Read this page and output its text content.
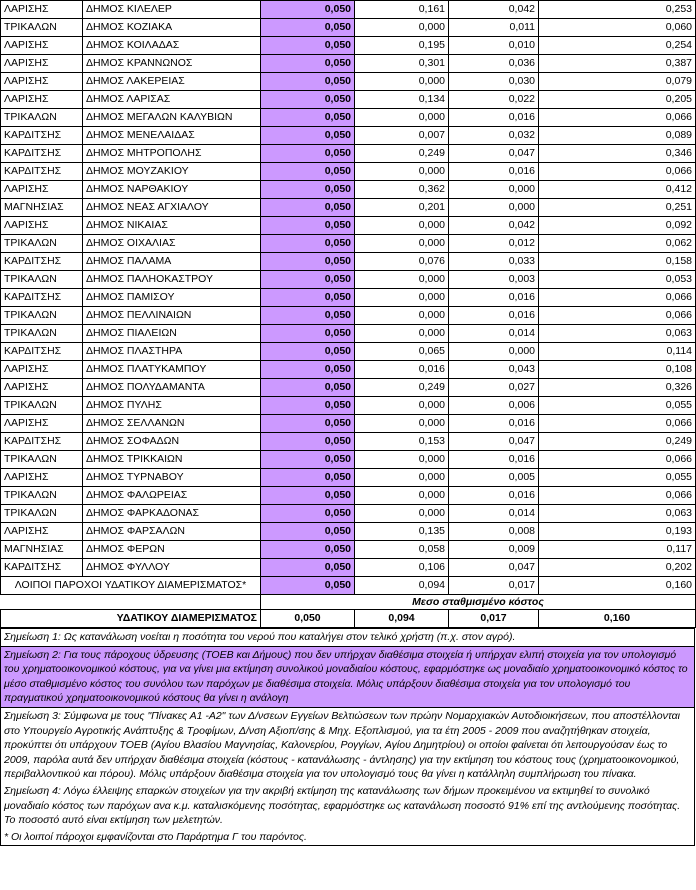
ΛΑΡΙΣΗΣ	ΔΗΜΟΣ ΚΙΛΕΛΕΡ	0,050	0,161	0,042	0,253
ΤΡΙΚΑΛΩΝ	ΔΗΜΟΣ ΚΟΖΙΑΚΑ	0,050	0,000	0,011	0,060
ΛΑΡΙΣΗΣ	ΔΗΜΟΣ ΚΟΙΛΑΔΑΣ	0,050	0,195	0,010	0,254
ΛΑΡΙΣΗΣ	ΔΗΜΟΣ ΚΡΑΝΝΩΝΟΣ	0,050	0,301	0,036	0,387
ΛΑΡΙΣΗΣ	ΔΗΜΟΣ ΛΑΚΕΡΕΙΑΣ	0,050	0,000	0,030	0,079
ΛΑΡΙΣΗΣ	ΔΗΜΟΣ ΛΑΡΙΣΑΣ	0,050	0,134	0,022	0,205
ΤΡΙΚΑΛΩΝ	ΔΗΜΟΣ ΜΕΓΑΛΩΝ ΚΑΛΥΒΙΩΝ	0,050	0,000	0,016	0,066
ΚΑΡΔΙΤΣΗΣ	ΔΗΜΟΣ ΜΕΝΕΛΑΙΔΑΣ	0,050	0,007	0,032	0,089
ΚΑΡΔΙΤΣΗΣ	ΔΗΜΟΣ ΜΗΤΡΟΠΟΛΗΣ	0,050	0,249	0,047	0,346
ΚΑΡΔΙΤΣΗΣ	ΔΗΜΟΣ ΜΟΥΖΑΚΙΟΥ	0,050	0,000	0,016	0,066
ΛΑΡΙΣΗΣ	ΔΗΜΟΣ ΝΑΡΘΑΚΙΟΥ	0,050	0,362	0,000	0,412
ΜΑΓΝΗΣΙΑΣ	ΔΗΜΟΣ ΝΕΑΣ ΑΓΧΙΑΛΟΥ	0,050	0,201	0,000	0,251
ΛΑΡΙΣΗΣ	ΔΗΜΟΣ ΝΙΚΑΙΑΣ	0,050	0,000	0,042	0,092
ΤΡΙΚΑΛΩΝ	ΔΗΜΟΣ ΟΙΧΑΛΙΑΣ	0,050	0,000	0,012	0,062
ΚΑΡΔΙΤΣΗΣ	ΔΗΜΟΣ ΠΑΛΑΜΑ	0,050	0,076	0,033	0,158
ΤΡΙΚΑΛΩΝ	ΔΗΜΟΣ ΠΑΛΗΟΚΑΣΤΡΟΥ	0,050	0,000	0,003	0,053
ΚΑΡΔΙΤΣΗΣ	ΔΗΜΟΣ ΠΑΜΙΣΟΥ	0,050	0,000	0,016	0,066
ΤΡΙΚΑΛΩΝ	ΔΗΜΟΣ ΠΕΛΛΙΝΑΙΩΝ	0,050	0,000	0,016	0,066
ΤΡΙΚΑΛΩΝ	ΔΗΜΟΣ ΠΙΑΛΕΙΩΝ	0,050	0,000	0,014	0,063
ΚΑΡΔΙΤΣΗΣ	ΔΗΜΟΣ ΠΛΑΣΤΗΡΑ	0,050	0,065	0,000	0,114
ΛΑΡΙΣΗΣ	ΔΗΜΟΣ ΠΛΑΤΥΚΑΜΠΟΥ	0,050	0,016	0,043	0,108
ΛΑΡΙΣΗΣ	ΔΗΜΟΣ ΠΟΛΥΔΑΜΑΝΤΑ	0,050	0,249	0,027	0,326
ΤΡΙΚΑΛΩΝ	ΔΗΜΟΣ ΠΥΛΗΣ	0,050	0,000	0,006	0,055
ΛΑΡΙΣΗΣ	ΔΗΜΟΣ ΣΕΛΛΑΝΩΝ	0,050	0,000	0,016	0,066
ΚΑΡΔΙΤΣΗΣ	ΔΗΜΟΣ ΣΟΦΑΔΩΝ	0,050	0,153	0,047	0,249
ΤΡΙΚΑΛΩΝ	ΔΗΜΟΣ ΤΡΙΚΚΑΙΩΝ	0,050	0,000	0,016	0,066
ΛΑΡΙΣΗΣ	ΔΗΜΟΣ ΤΥΡΝΑΒΟΥ	0,050	0,000	0,005	0,055
ΤΡΙΚΑΛΩΝ	ΔΗΜΟΣ ΦΑΛΩΡΕΙΑΣ	0,050	0,000	0,016	0,066
ΤΡΙΚΑΛΩΝ	ΔΗΜΟΣ ΦΑΡΚΑΔΟΝΑΣ	0,050	0,000	0,014	0,063
ΛΑΡΙΣΗΣ	ΔΗΜΟΣ ΦΑΡΣΑΛΩΝ	0,050	0,135	0,008	0,193
ΜΑΓΝΗΣΙΑΣ	ΔΗΜΟΣ ΦΕΡΩΝ	0,050	0,058	0,009	0,117
ΚΑΡΔΙΤΣΗΣ	ΔΗΜΟΣ ΦΥΛΛΟΥ	0,050	0,106	0,047	0,202
ΛΟΙΠΟΙ ΠΑΡΟΧΟΙ ΥΔΑΤΙΚΟΥ ΔΙΑΜΕΡΙΣΜΑΤΟΣ*		0,050	0,094	0,017	0,160
		Μεσο σταθμισμένο κόστος			
ΥΔΑΤΙΚΟΥ ΔΙΑΜΕΡΙΣΜΑΤΟΣ		0,050	0,094	0,017	0,160
Σημείωση 1: Ως κατανάλωση νοείται η ποσότητα του νερού που καταλήγει στον τελικό χρήστη (π.χ. στον αγρό).
Σημείωση 2: Για τους πάροχους ύδρευσης (ΤΟΕΒ και Δήμους) που δεν υπήρχαν διαθέσιμα στοιχεία ή υπήρχαν ελιπή στοιχεία για τον υπολογισμό του χρηματοοικονομικού κόστους, για να γίνει μια εκτίμηση συνολικού μοναδιαίου κόστους, εφαρμόστηκε ως μοναδιαίο χρηματοοικονομικό κόστος το μέσο σταθμισμένο κόστος του συνόλου των παρόχων με διαθέσιμα στοιχεία. Μόλις υπάρξουν διαθέσιμα στοιχεία για τον υπολογισμό του πραγματικού χρηματοοικονομικού κόστους θα γίνει η ανάλογη
Σημείωση 3: Σύμφωνα με τους "Πίνακες Α1 -Α2" των Δ/νσεων Εγγείων Βελτιώσεων των πρώην Νομαρχιακών Αυτοδιοικήσεων, που αποστέλλονται στο Υπουργείο Αγροτικής Ανάπτυξης & Τροφίμων, Δ/νση Αξιοπ/σης & Μηχ. Εξοπλισμού, για τα έτη 2005 - 2009 που αναζητήθηκαν στοιχεία, προκύπτει ότι υπάρχουν ΤΟΕΒ (Αγίου Βλασίου Μαγνησίας, Καλονερίου, Ρογγίων, Αγίου Δημητρίου) οι οποίοι φαίνεται ότι λειτουργούσαν έως το 2009, παρόλα αυτά δεν υπήρχαν διαθέσιμα στοιχεία (κόστους - κατανάλωσης - άντλησης) για την εκτίμηση του κόστους τους (χρηματοοικονομικού, περιβαλλοντικού και πόρου). Μόλις υπάρξουν διαθέσιμα στοιχεία για τον υπολογισμό τους θα γίνει η κατάλληλη συμπλήρωση του πίνακα.
Σημείωση 4: Λόγω έλλειψης επαρκών στοιχείων για την ακριβή εκτίμηση της κατανάλωσης των δήμων προκειμένου να εκτιμηθεί το συνολικό μοναδιαίο κόστος των παρόχων ανα κ.μ. καταλισκόμενης ποσότητας, εφαρμόστηκε ως κατανάλωση ποσοστό 91% επί της αντλούμενης ποσότητας. Το ποσοστό αυτό είναι εκτίμηση των μελετητών.
* Οι λοιποί πάροχοι εμφανίζονται στο Παράρτημα Γ του παρόντος.
